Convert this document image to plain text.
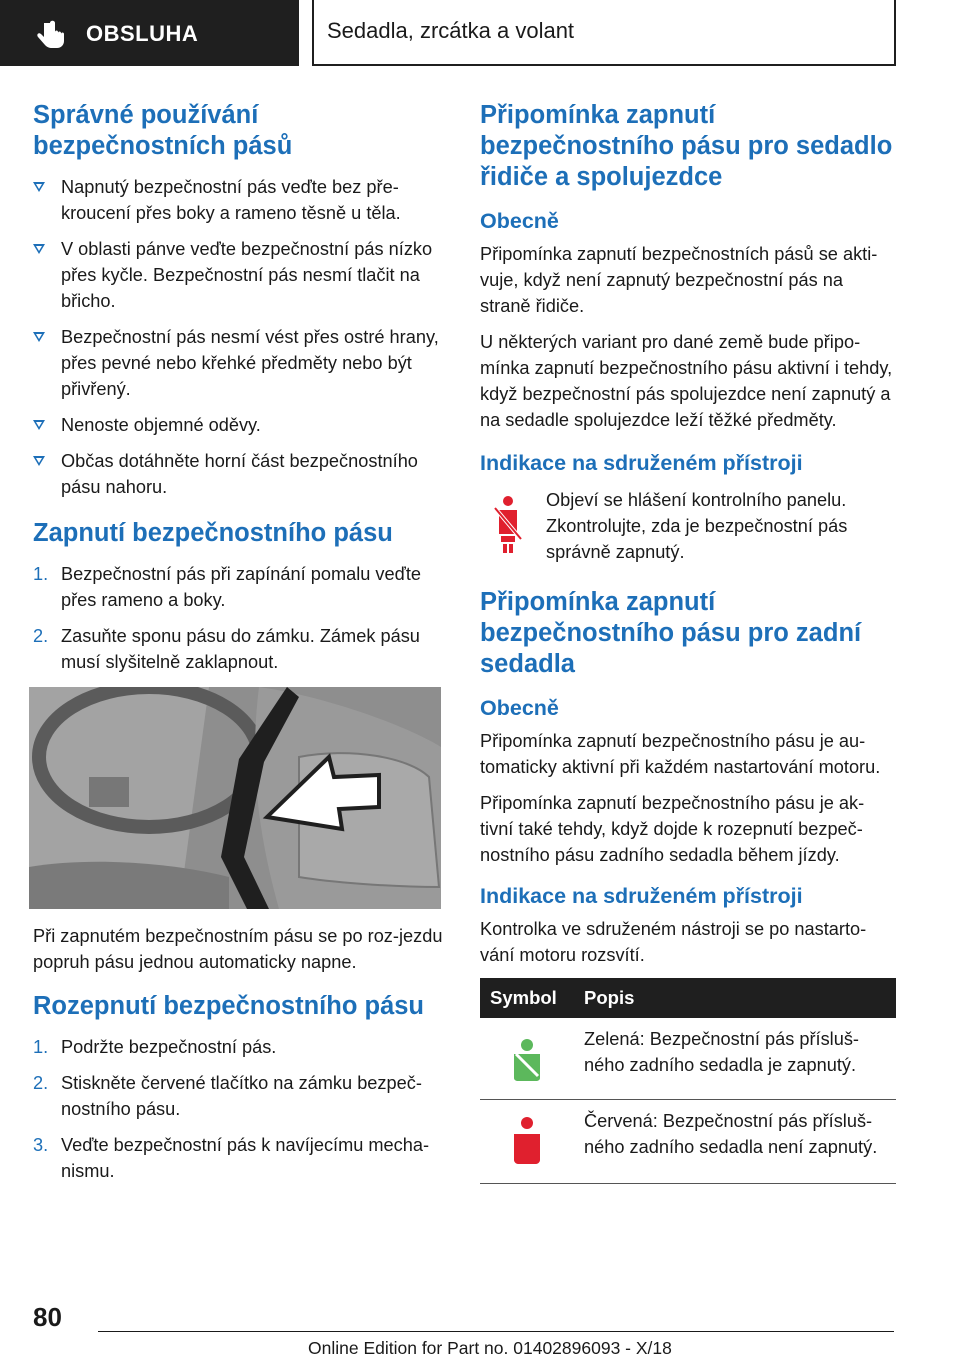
OBSLUHA	Sedadla, zrcátka a volant
Správné používání bezpečnostních pásů
Napnutý bezpečnostní pás veďte bez pře-kroucení přes boky a rameno těsně u těla.
V oblasti pánve veďte bezpečnostní pás nízko přes kyčle. Bezpečnostní pás nesmí tlačit na břicho.
Bezpečnostní pás nesmí vést přes ostré hrany, přes pevné nebo křehké předměty nebo být přivřený.
Nenoste objemné oděvy.
Občas dotáhněte horní část bezpečnostního pásu nahoru.
Zapnutí bezpečnostního pásu
1. Bezpečnostní pás při zapínání pomalu veďte přes rameno a boky.
2. Zasuňte sponu pásu do zámku. Zámek pásu musí slyšitelně zaklapnout.

Při zapnutém bezpečnostním pásu se po roz-jezdu popruh pásu jednou automaticky napne.

Rozepnutí bezpečnostního pásu
1. Podržte bezpečnostní pás.
2. Stiskněte červené tlačítko na zámku bezpeč-nostního pásu.
3. Veďte bezpečnostní pás k navíjecímu mecha-nismu.
Připomínka zapnutí bezpečnostního pásu pro sedadlo řidiče a spolujezdce
Obecně

Připomínka zapnutí bezpečnostních pásů se akti-vuje, když není zapnutý bezpečnostní pás na straně řidiče.

U některých variant pro dané země bude připo-mínka zapnutí bezpečnostního pásu aktivní i tehdy, když bezpečnostní pás spolujezdce není zapnutý a na sedadle spolujezdce leží těžké předměty.

Indikace na sdruženém přístroji

Objeví se hlášení kontrolního panelu. Zkontrolujte, zda je bezpečnostní pás správně zapnutý.

Připomínka zapnutí bezpečnostního pásu pro zadní sedadla
Obecně

Připomínka zapnutí bezpečnostního pásu je au-tomaticky aktivní při každém nastartování motoru.

Připomínka zapnutí bezpečnostního pásu je ak-tivní také tehdy, když dojde k rozepnutí bezpeč-nostního pásu zadního sedadla během jízdy.

Indikace na sdruženém přístroji

Kontrolka ve sdruženém nástroji se po nastarto-vání motoru rozsvítí.

Symbol	Popis
	Zelená: Bezpečnostní pás přísluš-ného zadního sedadla je zapnutý.
	Červená: Bezpečnostní pás přísluš-ného zadního sedadla není zapnutý.
80
Online Edition for Part no. 01402896093 - X/18
